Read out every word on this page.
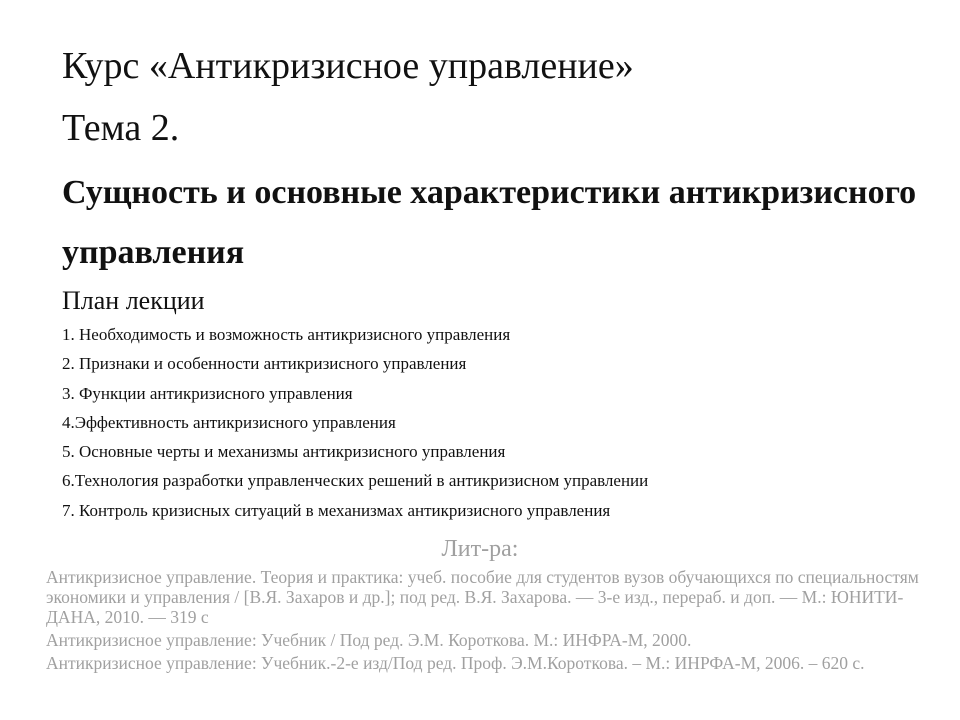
Курс «Антикризисное управление»
Тема 2.
Сущность и основные характеристики антикризисного управления
План лекции
1. Необходимость и возможность антикризисного управления
2. Признаки и особенности антикризисного управления
3. Функции антикризисного управления
4.Эффективность антикризисного управления
5. Основные черты и механизмы антикризисного управления
6.Технология разработки управленческих решений в антикризисном управлении
7. Контроль кризисных ситуаций в механизмах антикризисного управления
Лит-ра:

Антикризисное управление. Теория и практика: учеб. пособие для студентов вузов обучающихся по специальностям экономики и управления / [В.Я. Захаров и др.]; под ред. В.Я. Захарова. — 3-е изд., перераб. и доп. — М.: ЮНИТИ-ДАНА, 2010. — 319 с

Антикризисное управление: Учебник / Под ред. Э.М. Короткова. М.: ИНФРА-М, 2000.

Антикризисное управление: Учебник.-2-е изд/Под ред. Проф. Э.М.Короткова. – М.: ИНРФА-М, 2006. – 620 с.
